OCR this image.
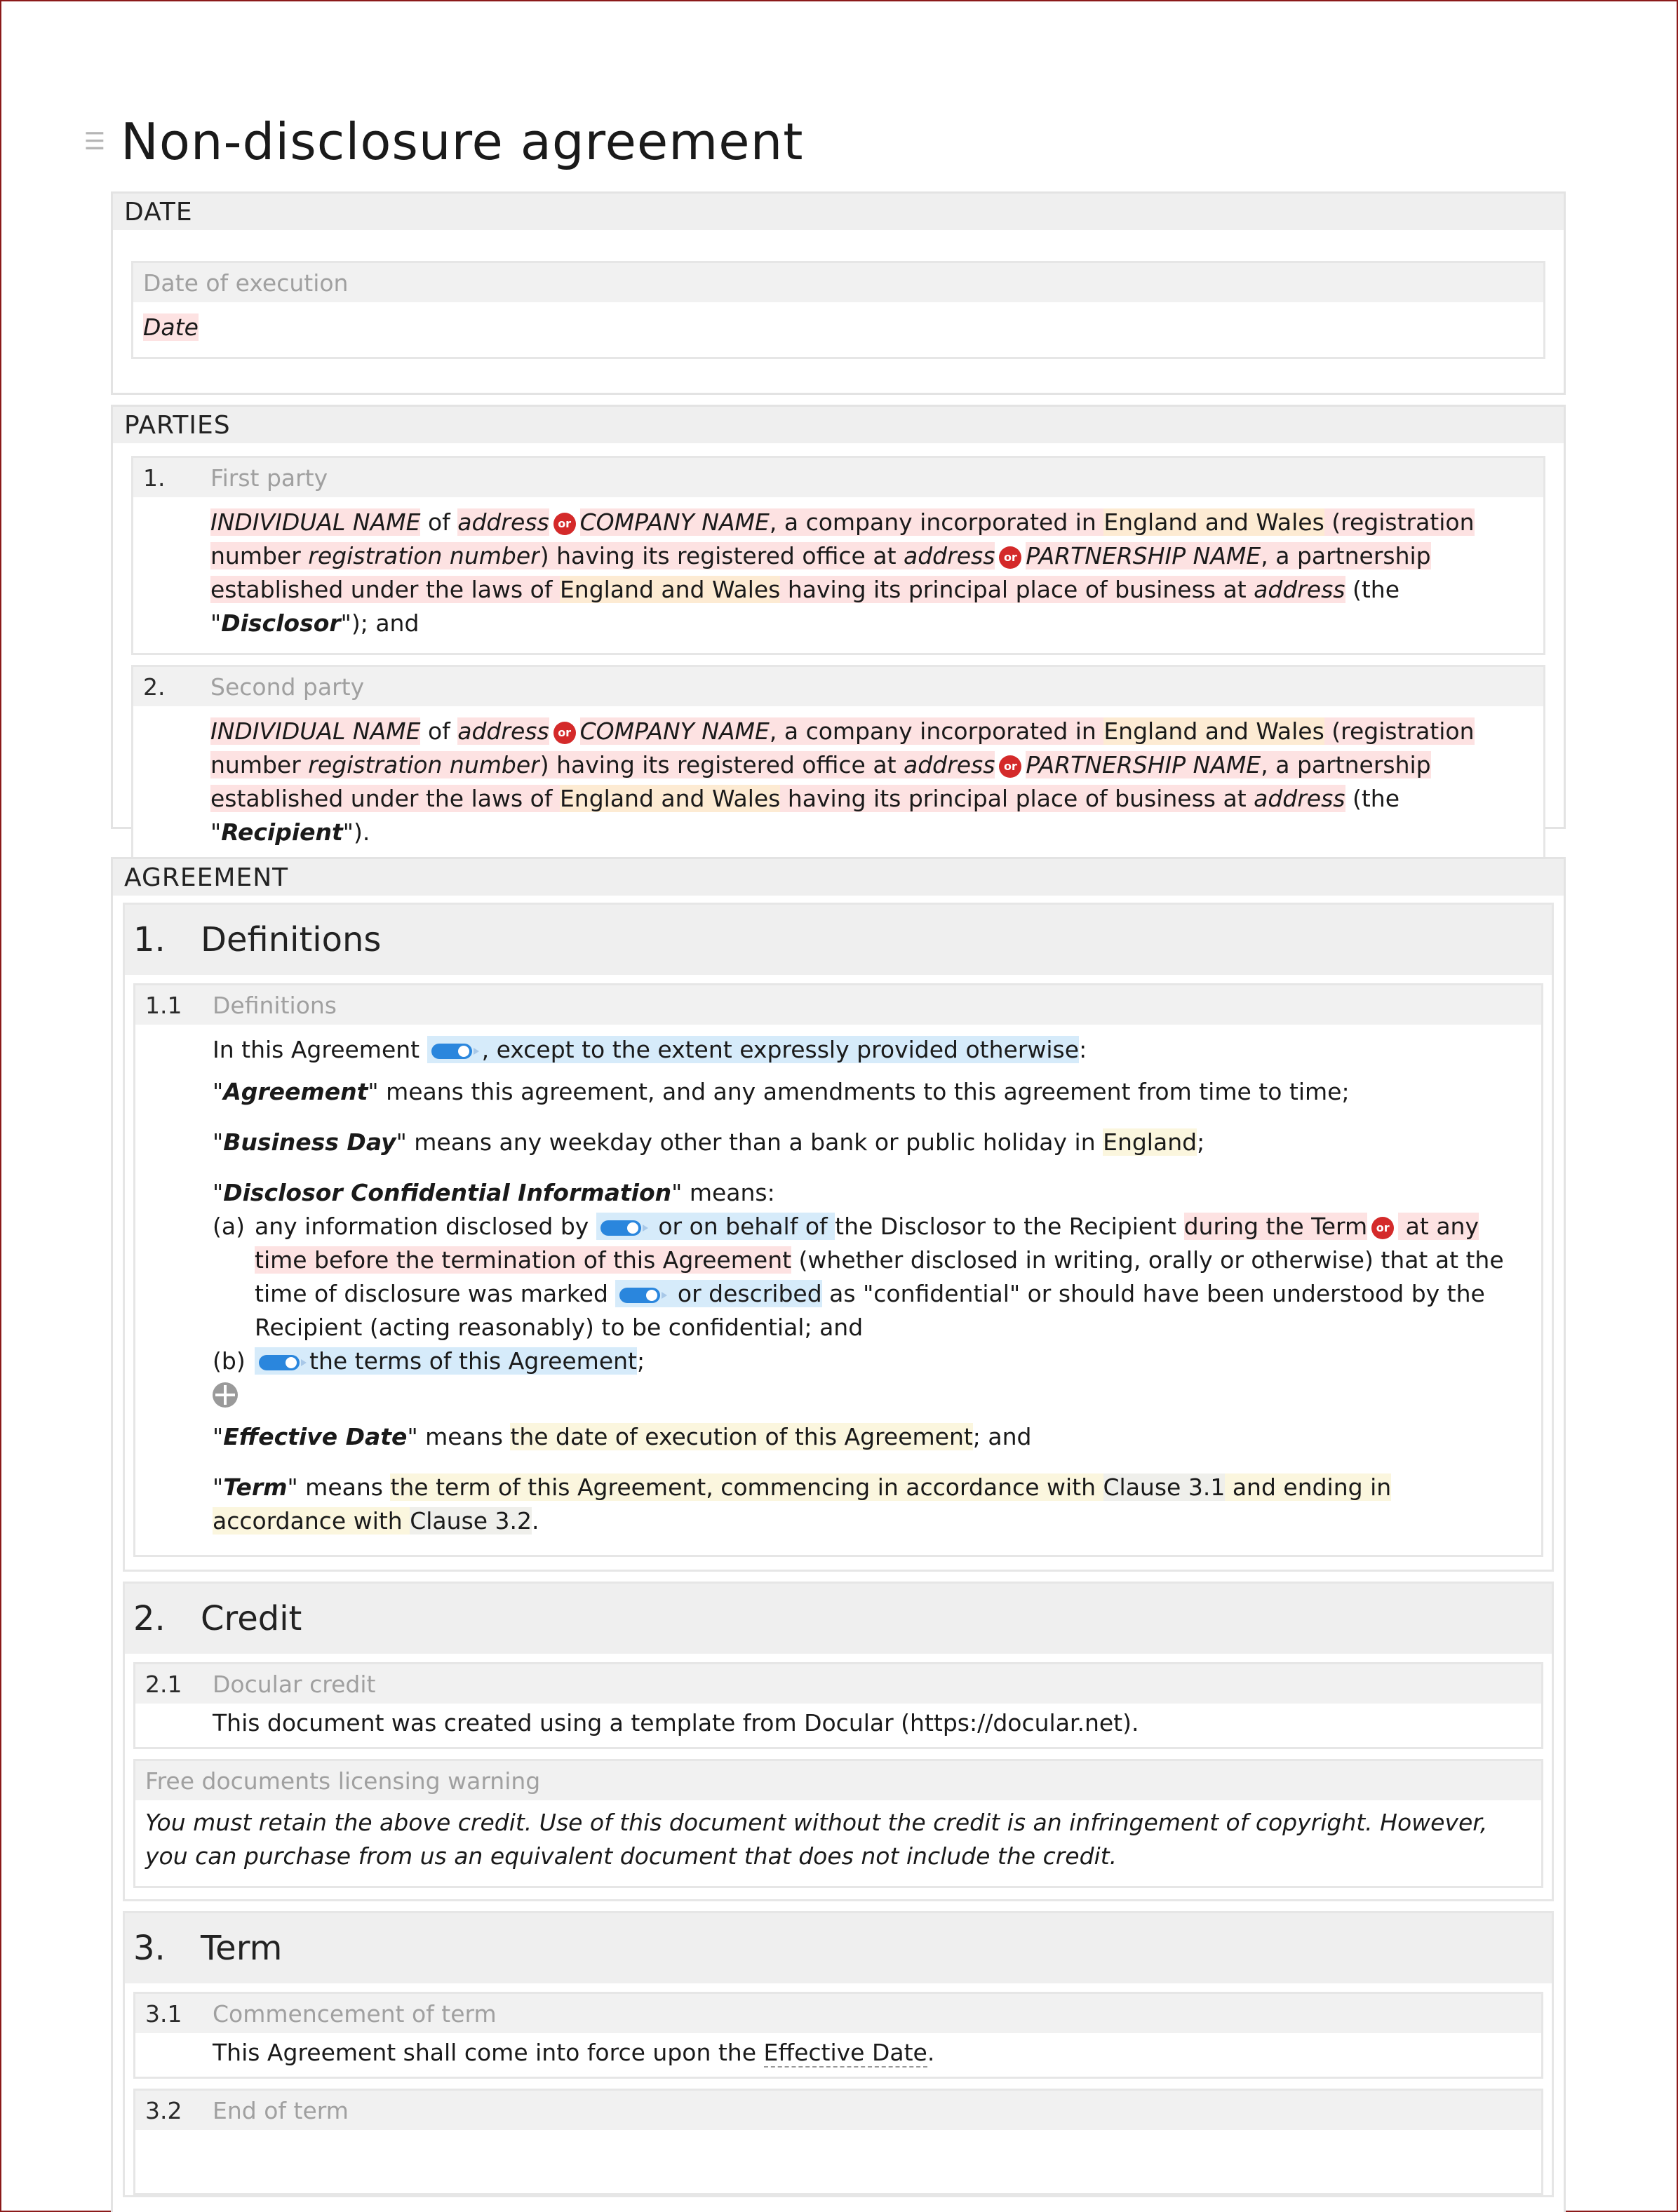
☰ Non-disclosure agreement
DATE
Date of execution
Date
PARTIES
1.	First party
INDIVIDUAL NAME of address or COMPANY NAME, a company incorporated in England and Wales (registration number registration number) having its registered office at address or PARTNERSHIP NAME, a partnership established under the laws of England and Wales having its principal place of business at address (the "Disclosor"); and
2.	Second party
INDIVIDUAL NAME of address or COMPANY NAME, a company incorporated in England and Wales (registration number registration number) having its registered office at address or PARTNERSHIP NAME, a partnership established under the laws of England and Wales having its principal place of business at address (the "Recipient").
AGREEMENT
1.	Definitions
1.1	Definitions

In this Agreement	, except to the extent expressly provided otherwise:

"Agreement" means this agreement, and any amendments to this agreement from time to time;

"Business Day" means any weekday other than a bank or public holiday in England;

"Disclosor Confidential Information" means:

(a) any information disclosed by
or on behalf of the Disclosor to the Recipient during the Term or at any time before the termination of this Agreement (whether disclosed in writing, orally or otherwise) that at the time of disclosure was marked
or described as "confidential" or should have been understood by the Recipient (acting reasonably) to be confidential; and
(b)	the terms of this Agreement;

"Effective Date" means the date of execution of this Agreement; and

"Term" means the term of this Agreement, commencing in accordance with Clause 3.1 and ending in accordance with Clause 3.2.

2.	Credit
2.1	Docular credit
This document was created using a template from Docular (https://docular.net).
Free documents licensing warning
You must retain the above credit. Use of this document without the credit is an infringement of copyright. However, you can purchase from us an equivalent document that does not include the credit.
3.	Term
3.1	Commencement of term
This Agreement shall come into force upon the Effective Date.
3.2	End of term
